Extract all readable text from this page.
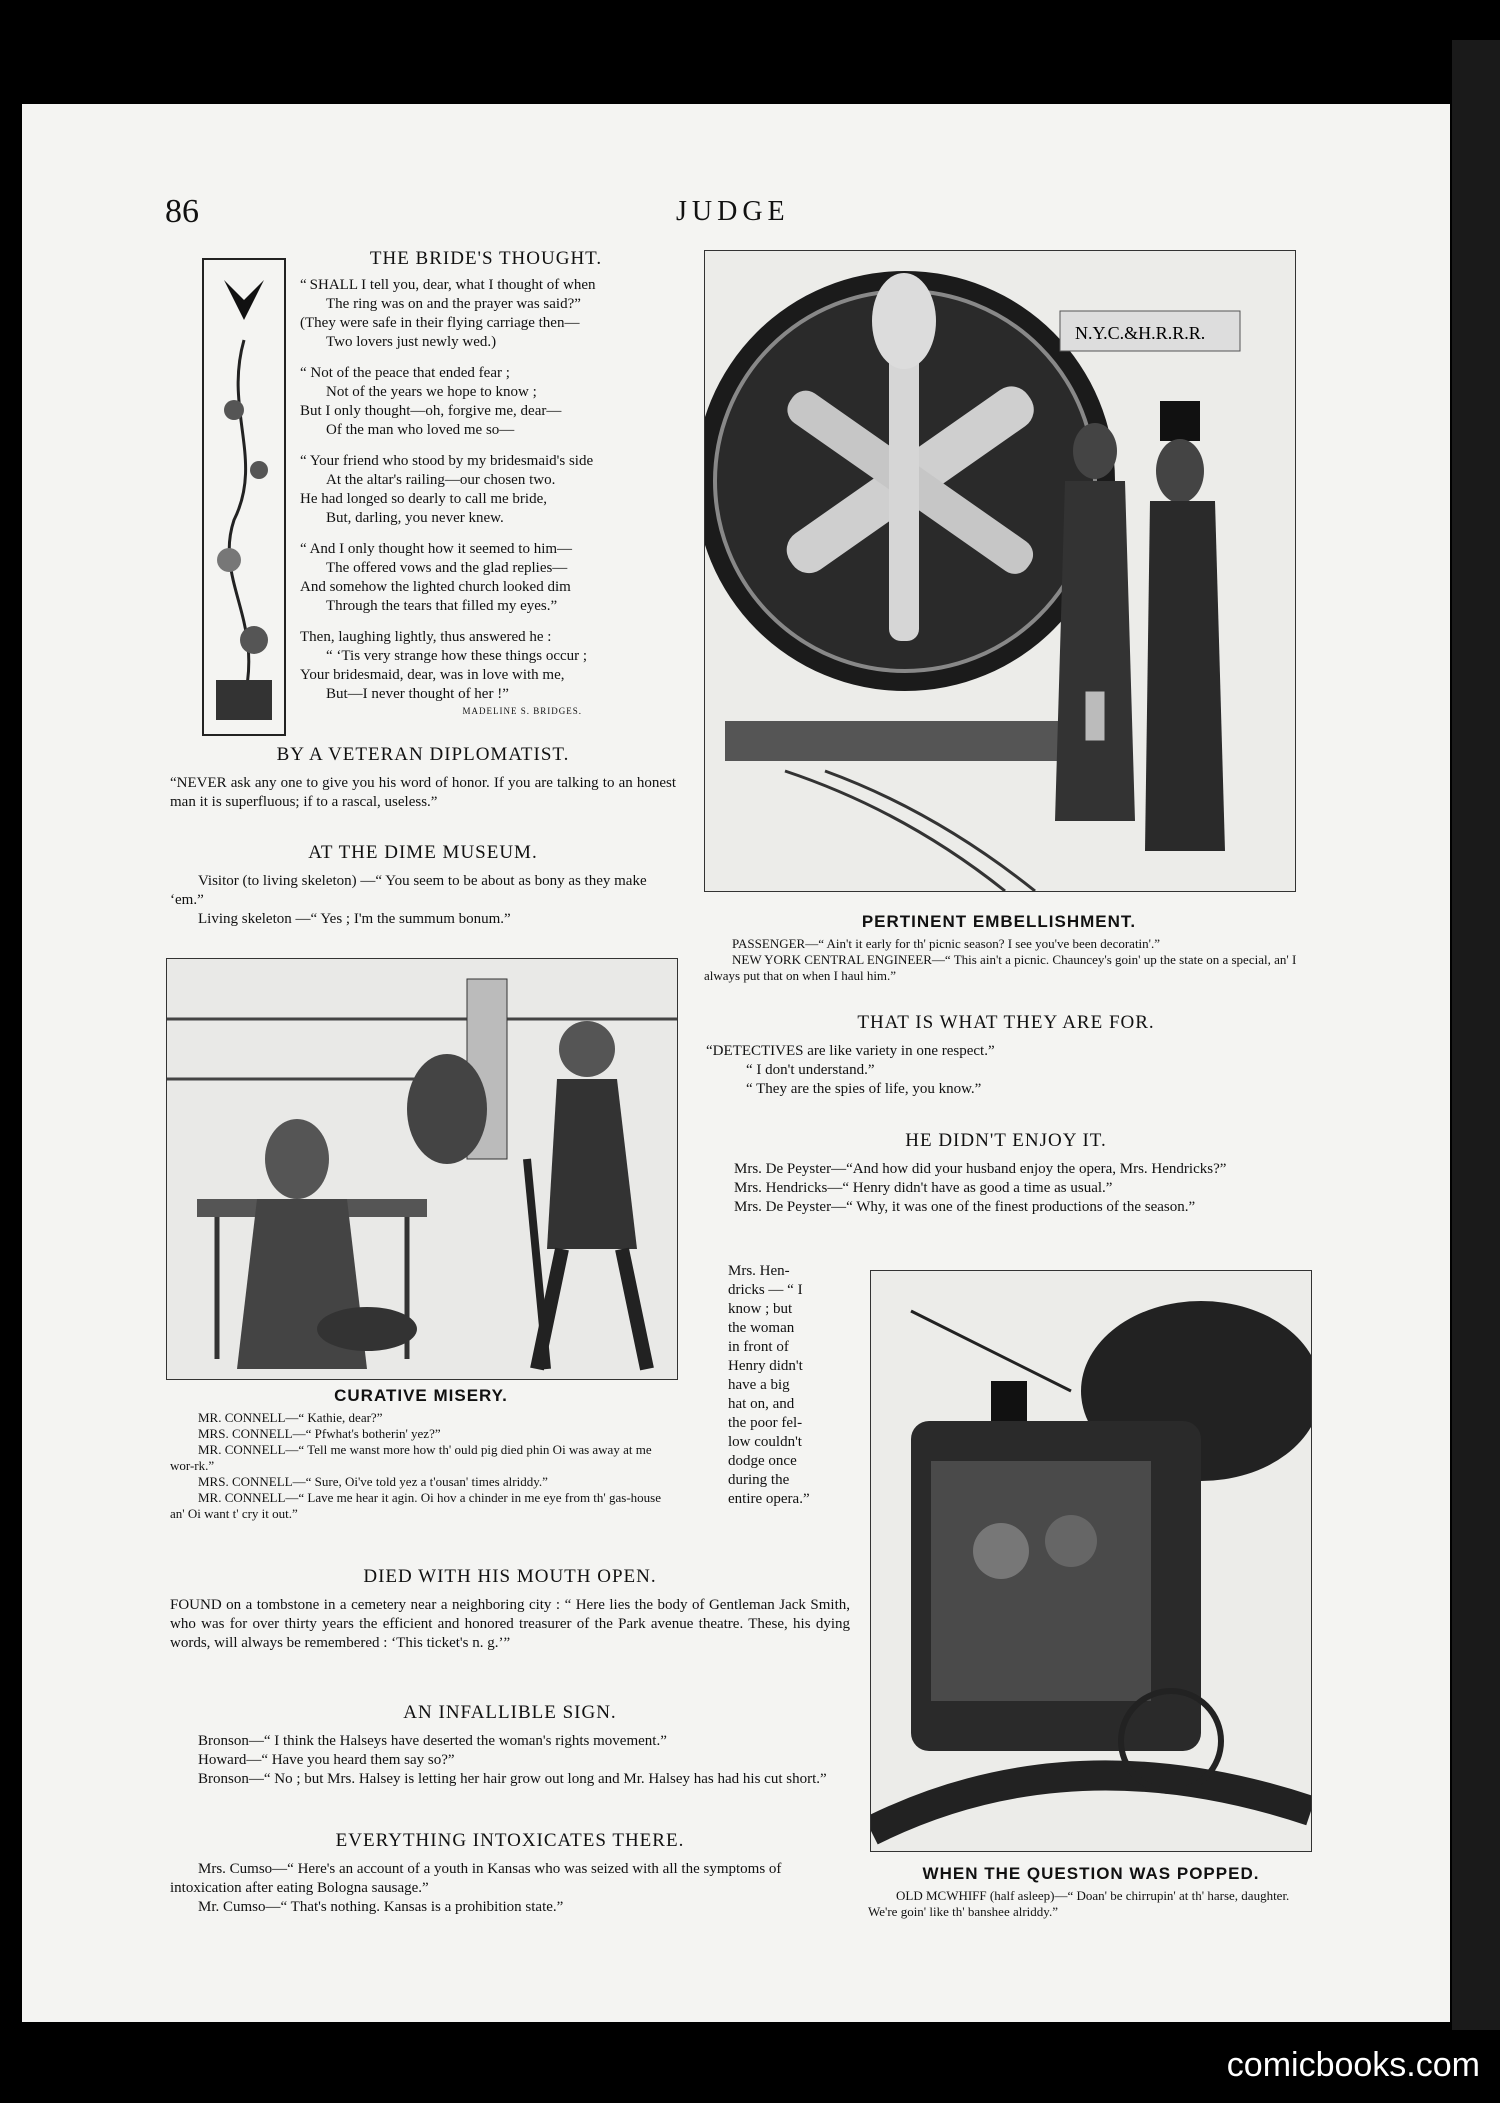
86	JUDGE
THE BRIDE'S THOUGHT.

“ SHALL I tell you, dear, what I thought of when

The ring was on and the prayer was said?”

(They were safe in their flying carriage then—

Two lovers just newly wed.)

“ Not of the peace that ended fear ;

Not of the years we hope to know ;

But I only thought—oh, forgive me, dear—

Of the man who loved me so—

“ Your friend who stood by my bridesmaid's side

At the altar's railing—our chosen two.

He had longed so dearly to call me bride,

But, darling, you never knew.

“ And I only thought how it seemed to him—

The offered vows and the glad replies—

And somehow the lighted church looked dim

Through the tears that filled my eyes.”

Then, laughing lightly, thus answered he :

“ ‘Tis very strange how these things occur ;

Your bridesmaid, dear, was in love with me,

But—I never thought of her !”

MADELINE S. BRIDGES.
BY A VETERAN DIPLOMATIST.

“NEVER ask any one to give you his word of honor. If you are talking to an honest man it is superfluous; if to a rascal, useless.”

AT THE DIME MUSEUM.

Visitor (to living skeleton) —“ You seem to be about as bony as they make ‘em.”

Living skeleton —“ Yes ; I'm the summum bonum.”

CURATIVE MISERY.

MR. CONNELL—“ Kathie, dear?”

MRS. CONNELL—“ Pfwhat's botherin' yez?”

MR. CONNELL—“ Tell me wanst more how th' ould pig died phin Oi was away at me wor-rk.”

MRS. CONNELL—“ Sure, Oi've told yez a t'ousan' times alriddy.”

MR. CONNELL—“ Lave me hear it agin. Oi hov a chinder in me eye from th' gas-house an' Oi want t' cry it out.”

DIED WITH HIS MOUTH OPEN.

FOUND on a tombstone in a cemetery near a neighboring city : “ Here lies the body of Gentleman Jack Smith, who was for over thirty years the efficient and honored treasurer of the Park avenue theatre. These, his dying words, will always be remembered : ‘This ticket's n. g.’”

AN INFALLIBLE SIGN.

Bronson—“ I think the Halseys have deserted the woman's rights movement.”

Howard—“ Have you heard them say so?”

Bronson—“ No ; but Mrs. Halsey is letting her hair grow out long and Mr. Halsey has had his cut short.”

EVERYTHING INTOXICATES THERE.

Mrs. Cumso—“ Here's an account of a youth in Kansas who was seized with all the symptoms of intoxication after eating Bologna sausage.”

Mr. Cumso—“ That's nothing. Kansas is a prohibition state.”

N.Y.C.&H.R.R.R.
PERTINENT EMBELLISHMENT.

PASSENGER—“ Ain't it early for th' picnic season? I see you've been decoratin'.”

NEW YORK CENTRAL ENGINEER—“ This ain't a picnic. Chauncey's goin' up the state on a special, an' I always put that on when I haul him.”

THAT IS WHAT THEY ARE FOR.

“DETECTIVES are like variety in one respect.”

“ I don't understand.”

“ They are the spies of life, you know.”

HE DIDN'T ENJOY IT.

Mrs. De Peyster—“And how did your husband enjoy the opera, Mrs. Hendricks?”

Mrs. Hendricks—“ Henry didn't have as good a time as usual.”

Mrs. De Peyster—“ Why, it was one of the finest productions of the season.”

Mrs. Hen-

dricks — “ I

know ; but

the woman

in front of

Henry didn't

have a big

hat on, and

the poor fel-

low couldn't

dodge once

during the

entire opera.”

WHEN THE QUESTION WAS POPPED.

OLD MCWHIFF (half asleep)—“ Doan' be chirrupin' at th' harse, daughter. We're goin' like th' banshee alriddy.”

comicbooks.com
